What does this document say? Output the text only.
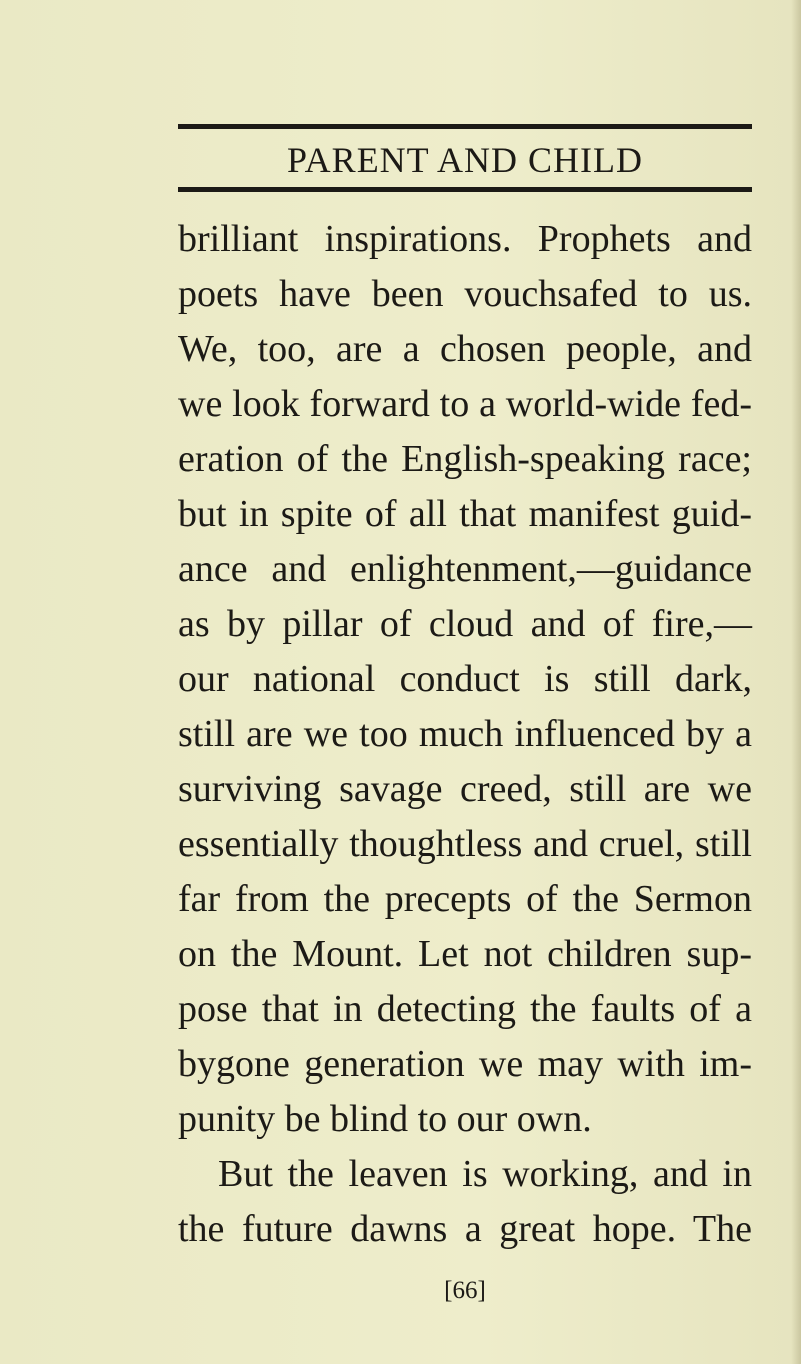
PARENT AND CHILD
brilliant inspirations. Prophets and
poets have been vouchsafed to us.
We, too, are a chosen people, and
we look forward to a world-wide fed-
eration of the English-speaking race;
but in spite of all that manifest guid-
ance and enlightenment,—guidance
as by pillar of cloud and of fire,—
our national conduct is still dark,
still are we too much influenced by a
surviving savage creed, still are we
essentially thoughtless and cruel, still
far from the precepts of the Sermon
on the Mount. Let not children sup-
pose that in detecting the faults of a
bygone generation we may with im-
punity be blind to our own.
But the leaven is working, and in
the future dawns a great hope. The
[66]
